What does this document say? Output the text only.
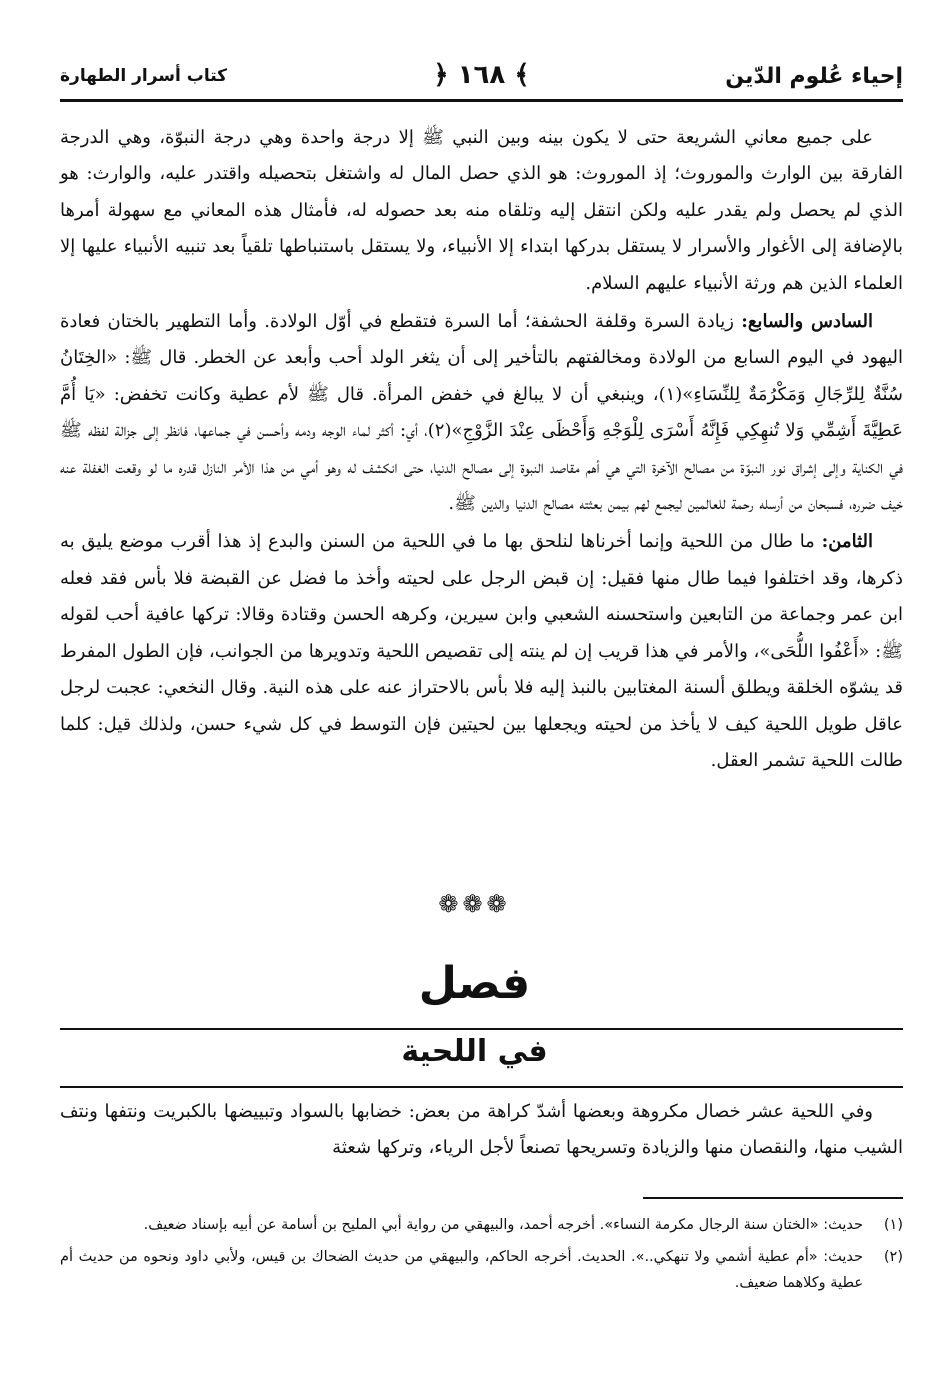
إحياء عُلوم الدّين
﴾ ١٦٨ ﴿
كتاب أسرار الطهارة

على جميع معاني الشريعة حتى لا يكون بينه وبين النبي ﷺ إلا درجة واحدة وهي درجة النبوّة، وهي الدرجة الفارقة بين الوارث والموروث؛ إذ الموروث: هو الذي حصل المال له واشتغل بتحصيله واقتدر عليه، والوارث: هو الذي لم يحصل ولم يقدر عليه ولكن انتقل إليه وتلقاه منه بعد حصوله له، فأمثال هذه المعاني مع سهولة أمرها بالإضافة إلى الأغوار والأسرار لا يستقل بدركها ابتداء إلا الأنبياء، ولا يستقل باستنباطها تلقياً بعد تنبيه الأنبياء عليها إلا العلماء الذين هم ورثة الأنبياء عليهم السلام.

السادس والسابع: زيادة السرة وقلفة الحشفة؛ أما السرة فتقطع في أوّل الولادة. وأما التطهير بالختان فعادة اليهود في اليوم السابع من الولادة ومخالفتهم بالتأخير إلى أن يثغر الولد أحب وأبعد عن الخطر. قال ﷺ: «الخِتَانُ سُنَّةٌ لِلرِّجَالِ وَمَكْرُمَةٌ لِلنِّسَاءِ»(١)، وينبغي أن لا يبالغ في خفض المرأة. قال ﷺ لأم عطية وكانت تخفض: «يَا أُمَّ عَطِيَّةَ أَشِمِّي وَلا تُنهِكِي فَإِنَّهُ أَسْرَى لِلْوَجْهِ وَأَحْظَى عِنْدَ الزَّوْجِ»(٢)، أي: أكثر لماء الوجه ودمه وأحسن في جماعها، فانظر إلى جزالة لفظه ﷺ في الكناية وإلى إشراق نور النبوّة من مصالح الآخرة التي هي أهم مقاصد النبوة إلى مصالح الدنيا، حتى انكشف له وهو أمي من هذا الأمر النازل قدره ما لو وقعت الغفلة عنه خيف ضرره، فسبحان من أرسله رحمة للعالمين ليجمع لهم بيمن بعثته مصالح الدنيا والدين ﷺ.

الثامن: ما طال من اللحية وإنما أخرناها لنلحق بها ما في اللحية من السنن والبدع إذ هذا أقرب موضع يليق به ذكرها، وقد اختلفوا فيما طال منها فقيل: إن قبض الرجل على لحيته وأخذ ما فضل عن القبضة فلا بأس فقد فعله ابن عمر وجماعة من التابعين واستحسنه الشعبي وابن سيرين، وكرهه الحسن وقتادة وقالا: تركها عافية أحب لقوله ﷺ: «أَعْفُوا اللُّحَى»، والأمر في هذا قريب إن لم ينته إلى تقصيص اللحية وتدويرها من الجوانب، فإن الطول المفرط قد يشوّه الخلقة ويطلق ألسنة المغتابين بالنبذ إليه فلا بأس بالاحتراز عنه على هذه النية. وقال النخعي: عجبت لرجل عاقل طويل اللحية كيف لا يأخذ من لحيته ويجعلها بين لحيتين فإن التوسط في كل شيء حسن، ولذلك قيل: كلما طالت اللحية تشمر العقل.

❁❁❁
فصل
في اللحية

وفي اللحية عشر خصال مكروهة وبعضها أشدّ كراهة من بعض: خضابها بالسواد وتبييضها بالكبريت ونتفها ونتف الشيب منها، والنقصان منها والزيادة وتسريحها تصنعاً لأجل الرياء، وتركها شعثة

(١)
حديث: «الختان سنة الرجال مكرمة النساء». أخرجه أحمد، والبيهقي من رواية أبي المليح بن أسامة عن أبيه بإسناد ضعيف.
(٢)
حديث: «أم عطية أشمي ولا تنهكي..». الحديث. أخرجه الحاكم، والبيهقي من حديث الضحاك بن قيس، ولأبي داود ونحوه من حديث أم عطية وكلاهما ضعيف.
